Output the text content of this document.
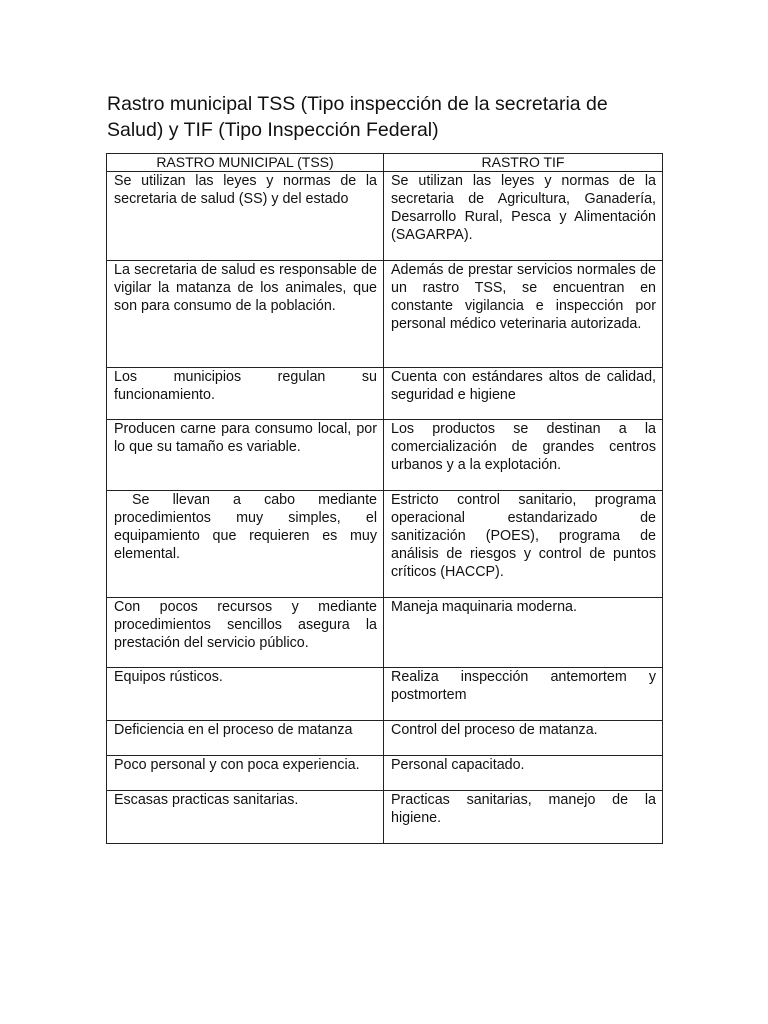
Rastro municipal TSS (Tipo inspección de la secretaria de Salud) y TIF (Tipo Inspección Federal)
RASTRO MUNICIPAL (TSS)	RASTRO TIF
Se utilizan las leyes y normas de la secretaria de salud (SS) y del estado	Se utilizan las leyes y normas de la secretaria de Agricultura, Ganadería, Desarrollo Rural, Pesca y Alimentación (SAGARPA).
La secretaria de salud es responsable de vigilar la matanza de los animales, que son para consumo de la población.	Además de prestar servicios normales de un rastro TSS, se encuentran en constante vigilancia e inspección por personal médico veterinaria autorizada.
Los municipios regulan su funcionamiento.	Cuenta con estándares altos de calidad, seguridad e higiene
Producen carne para consumo local, por lo que su tamaño es variable.	Los productos se destinan a la comercialización de grandes centros urbanos y a la explotación.
Se llevan a cabo mediante procedimientos muy simples, el equipamiento que requieren es muy elemental.	Estricto control sanitario, programa operacional estandarizado de sanitización (POES), programa de análisis de riesgos y control de puntos críticos (HACCP).
Con pocos recursos y mediante procedimientos sencillos asegura la prestación del servicio público.	Maneja maquinaria moderna.
Equipos rústicos.	Realiza inspección antemortem y postmortem
Deficiencia en el proceso de matanza	Control del proceso de matanza.
Poco personal y con poca experiencia.	Personal capacitado.
Escasas practicas sanitarias.	Practicas sanitarias, manejo de la higiene.
